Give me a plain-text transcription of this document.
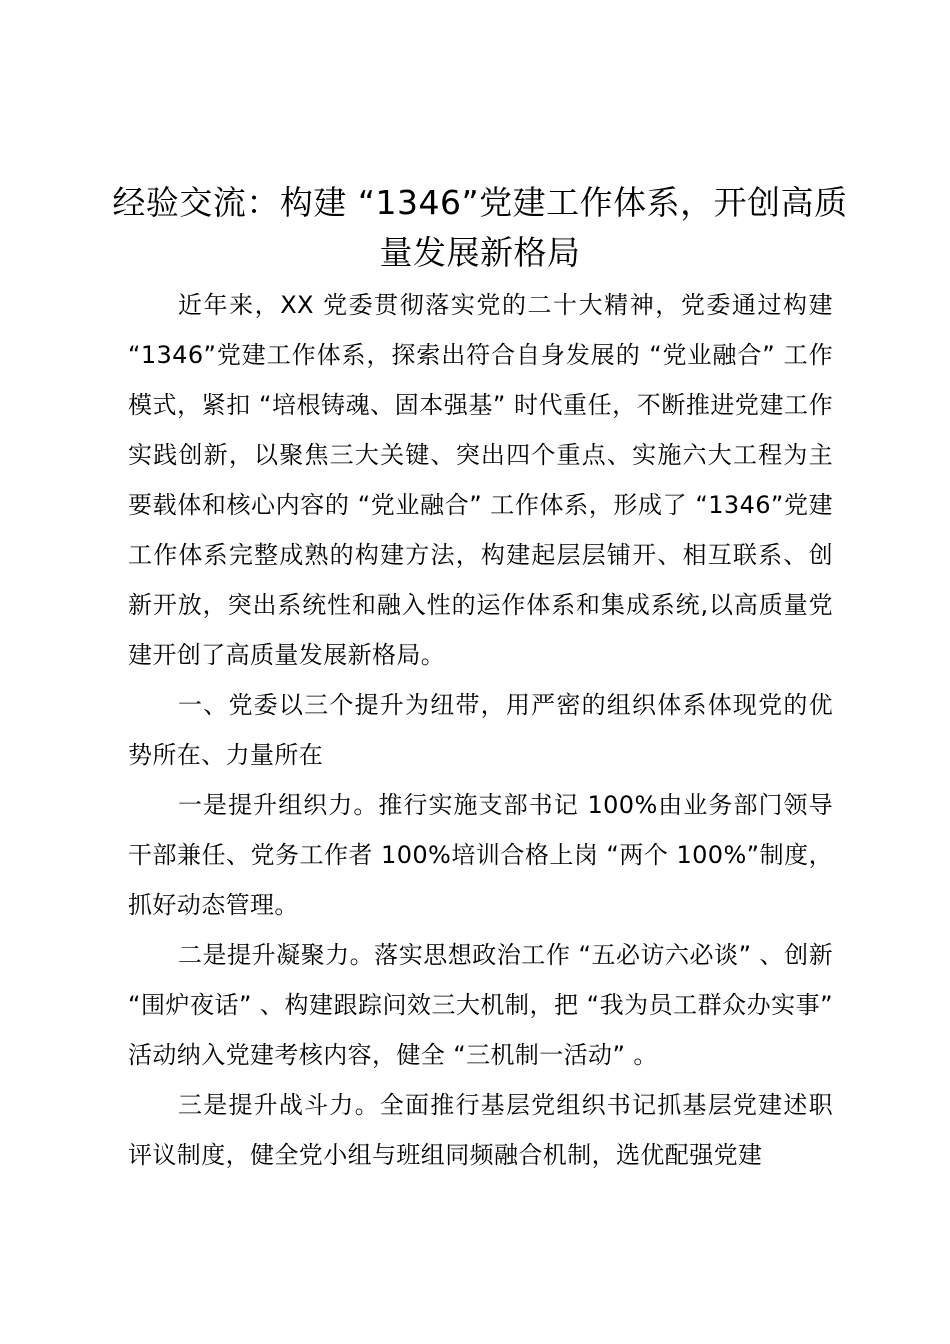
经验交流：构建 “1346”党建工作体系，开创高质量发展新格局

近年来，XX 党委贯彻落实党的二十大精神，党委通过构建 “1346”党建工作体系，探索出符合自身发展的 “党业融合” 工作模式，紧扣 “培根铸魂、固本强基” 时代重任，不断推进党建工作实践创新，以聚焦三大关键、突出四个重点、实施六大工程为主要载体和核心内容的 “党业融合” 工作体系，形成了 “1346”党建工作体系完整成熟的构建方法，构建起层层铺开、相互联系、创新开放，突出系统性和融入性的运作体系和集成系统,以高质量党建开创了高质量发展新格局。

一、党委以三个提升为纽带，用严密的组织体系体现党的优势所在、力量所在

一是提升组织力。推行实施支部书记 100%由业务部门领导干部兼任、党务工作者 100%培训合格上岗 “两个 100%”制度，抓好动态管理。

二是提升凝聚力。落实思想政治工作 “五必访六必谈” 、创新 “围炉夜话” 、构建跟踪问效三大机制，把 “我为员工群众办实事” 活动纳入党建考核内容，健全 “三机制一活动” 。

三是提升战斗力。全面推行基层党组织书记抓基层党建述职评议制度，健全党小组与班组同频融合机制，选优配强党建
